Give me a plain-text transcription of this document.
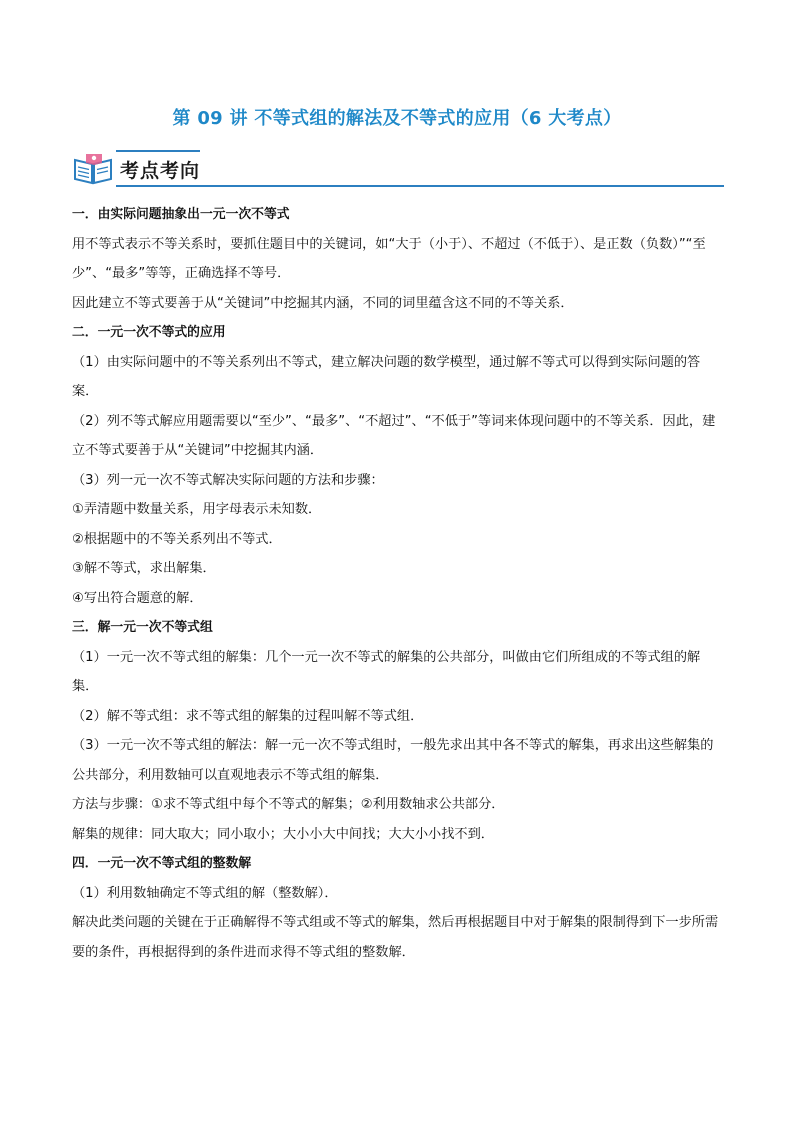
第 09 讲 不等式组的解法及不等式的应用（6 大考点）
考点考向

一．由实际问题抽象出一元一次不等式

用不等式表示不等关系时，要抓住题目中的关键词，如“大于（小于）、不超过（不低于）、是正数（负数）”“至少”、“最多”等等，正确选择不等号．

因此建立不等式要善于从“关键词”中挖掘其内涵，不同的词里蕴含这不同的不等关系．

二．一元一次不等式的应用

（1）由实际问题中的不等关系列出不等式，建立解决问题的数学模型，通过解不等式可以得到实际问题的答案．

（2）列不等式解应用题需要以“至少”、“最多”、“不超过”、“不低于”等词来体现问题中的不等关系．因此，建立不等式要善于从“关键词”中挖掘其内涵．

（3）列一元一次不等式解决实际问题的方法和步骤：

①弄清题中数量关系，用字母表示未知数．

②根据题中的不等关系列出不等式．

③解不等式，求出解集．

④写出符合题意的解．

三．解一元一次不等式组

（1）一元一次不等式组的解集：几个一元一次不等式的解集的公共部分，叫做由它们所组成的不等式组的解集．

（2）解不等式组：求不等式组的解集的过程叫解不等式组．

（3）一元一次不等式组的解法：解一元一次不等式组时，一般先求出其中各不等式的解集，再求出这些解集的公共部分，利用数轴可以直观地表示不等式组的解集．

方法与步骤：①求不等式组中每个不等式的解集；②利用数轴求公共部分．

解集的规律：同大取大；同小取小；大小小大中间找；大大小小找不到．

四．一元一次不等式组的整数解

（1）利用数轴确定不等式组的解（整数解）．

解决此类问题的关键在于正确解得不等式组或不等式的解集，然后再根据题目中对于解集的限制得到下一步所需要的条件，再根据得到的条件进而求得不等式组的整数解．
